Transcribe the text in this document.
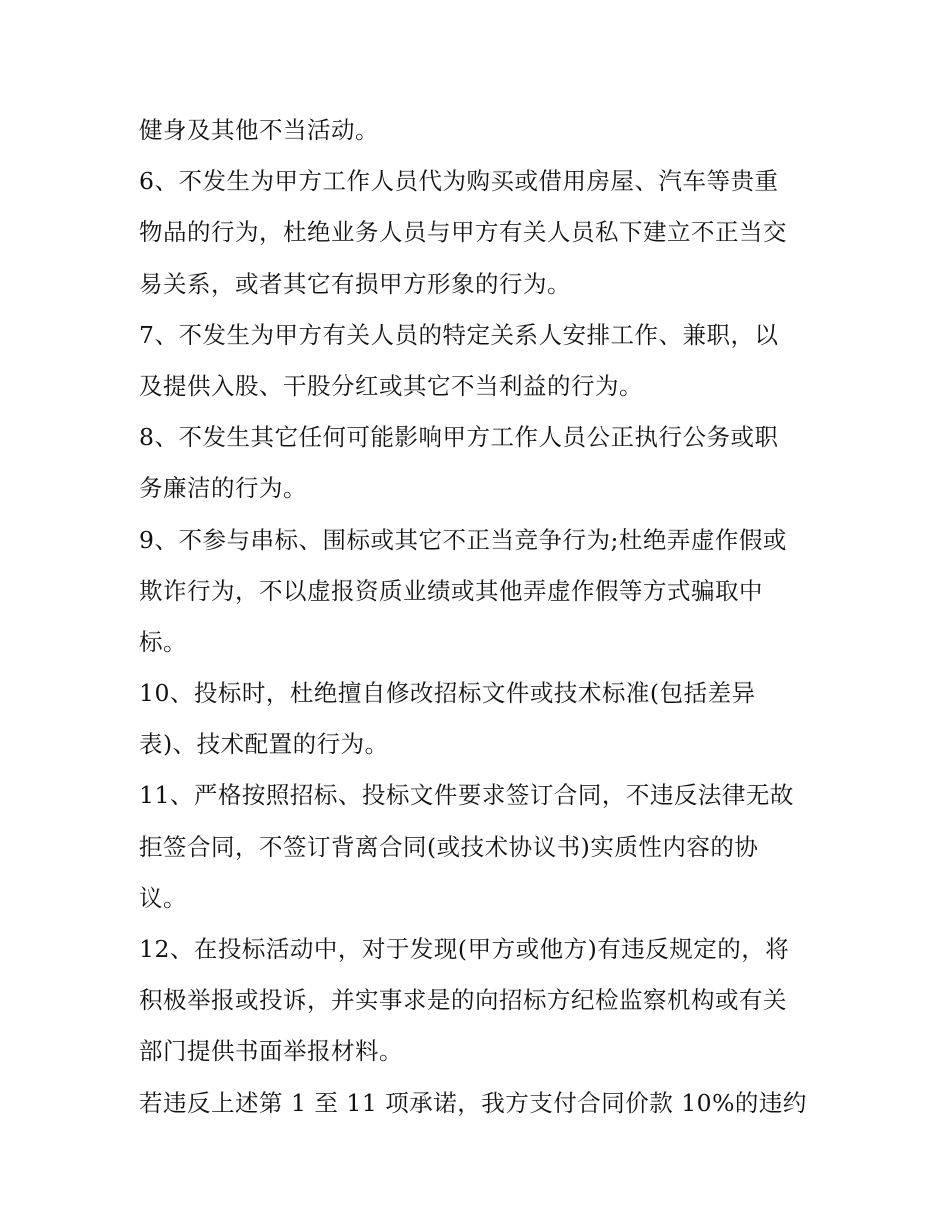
健身及其他不当活动。
6、不发生为甲方工作人员代为购买或借用房屋、汽车等贵重
物品的行为，杜绝业务人员与甲方有关人员私下建立不正当交
易关系，或者其它有损甲方形象的行为。
7、不发生为甲方有关人员的特定关系人安排工作、兼职，以
及提供入股、干股分红或其它不当利益的行为。
8、不发生其它任何可能影响甲方工作人员公正执行公务或职
务廉洁的行为。
9、不参与串标、围标或其它不正当竞争行为;杜绝弄虚作假或
欺诈行为，不以虚报资质业绩或其他弄虚作假等方式骗取中
标。
10、投标时，杜绝擅自修改招标文件或技术标准(包括差异
表)、技术配置的行为。
11、严格按照招标、投标文件要求签订合同，不违反法律无故
拒签合同，不签订背离合同(或技术协议书)实质性内容的协
议。
12、在投标活动中，对于发现(甲方或他方)有违反规定的，将
积极举报或投诉，并实事求是的向招标方纪检监察机构或有关
部门提供书面举报材料。
若违反上述第 1 至 11 项承诺，我方支付合同价款 10%的违约
